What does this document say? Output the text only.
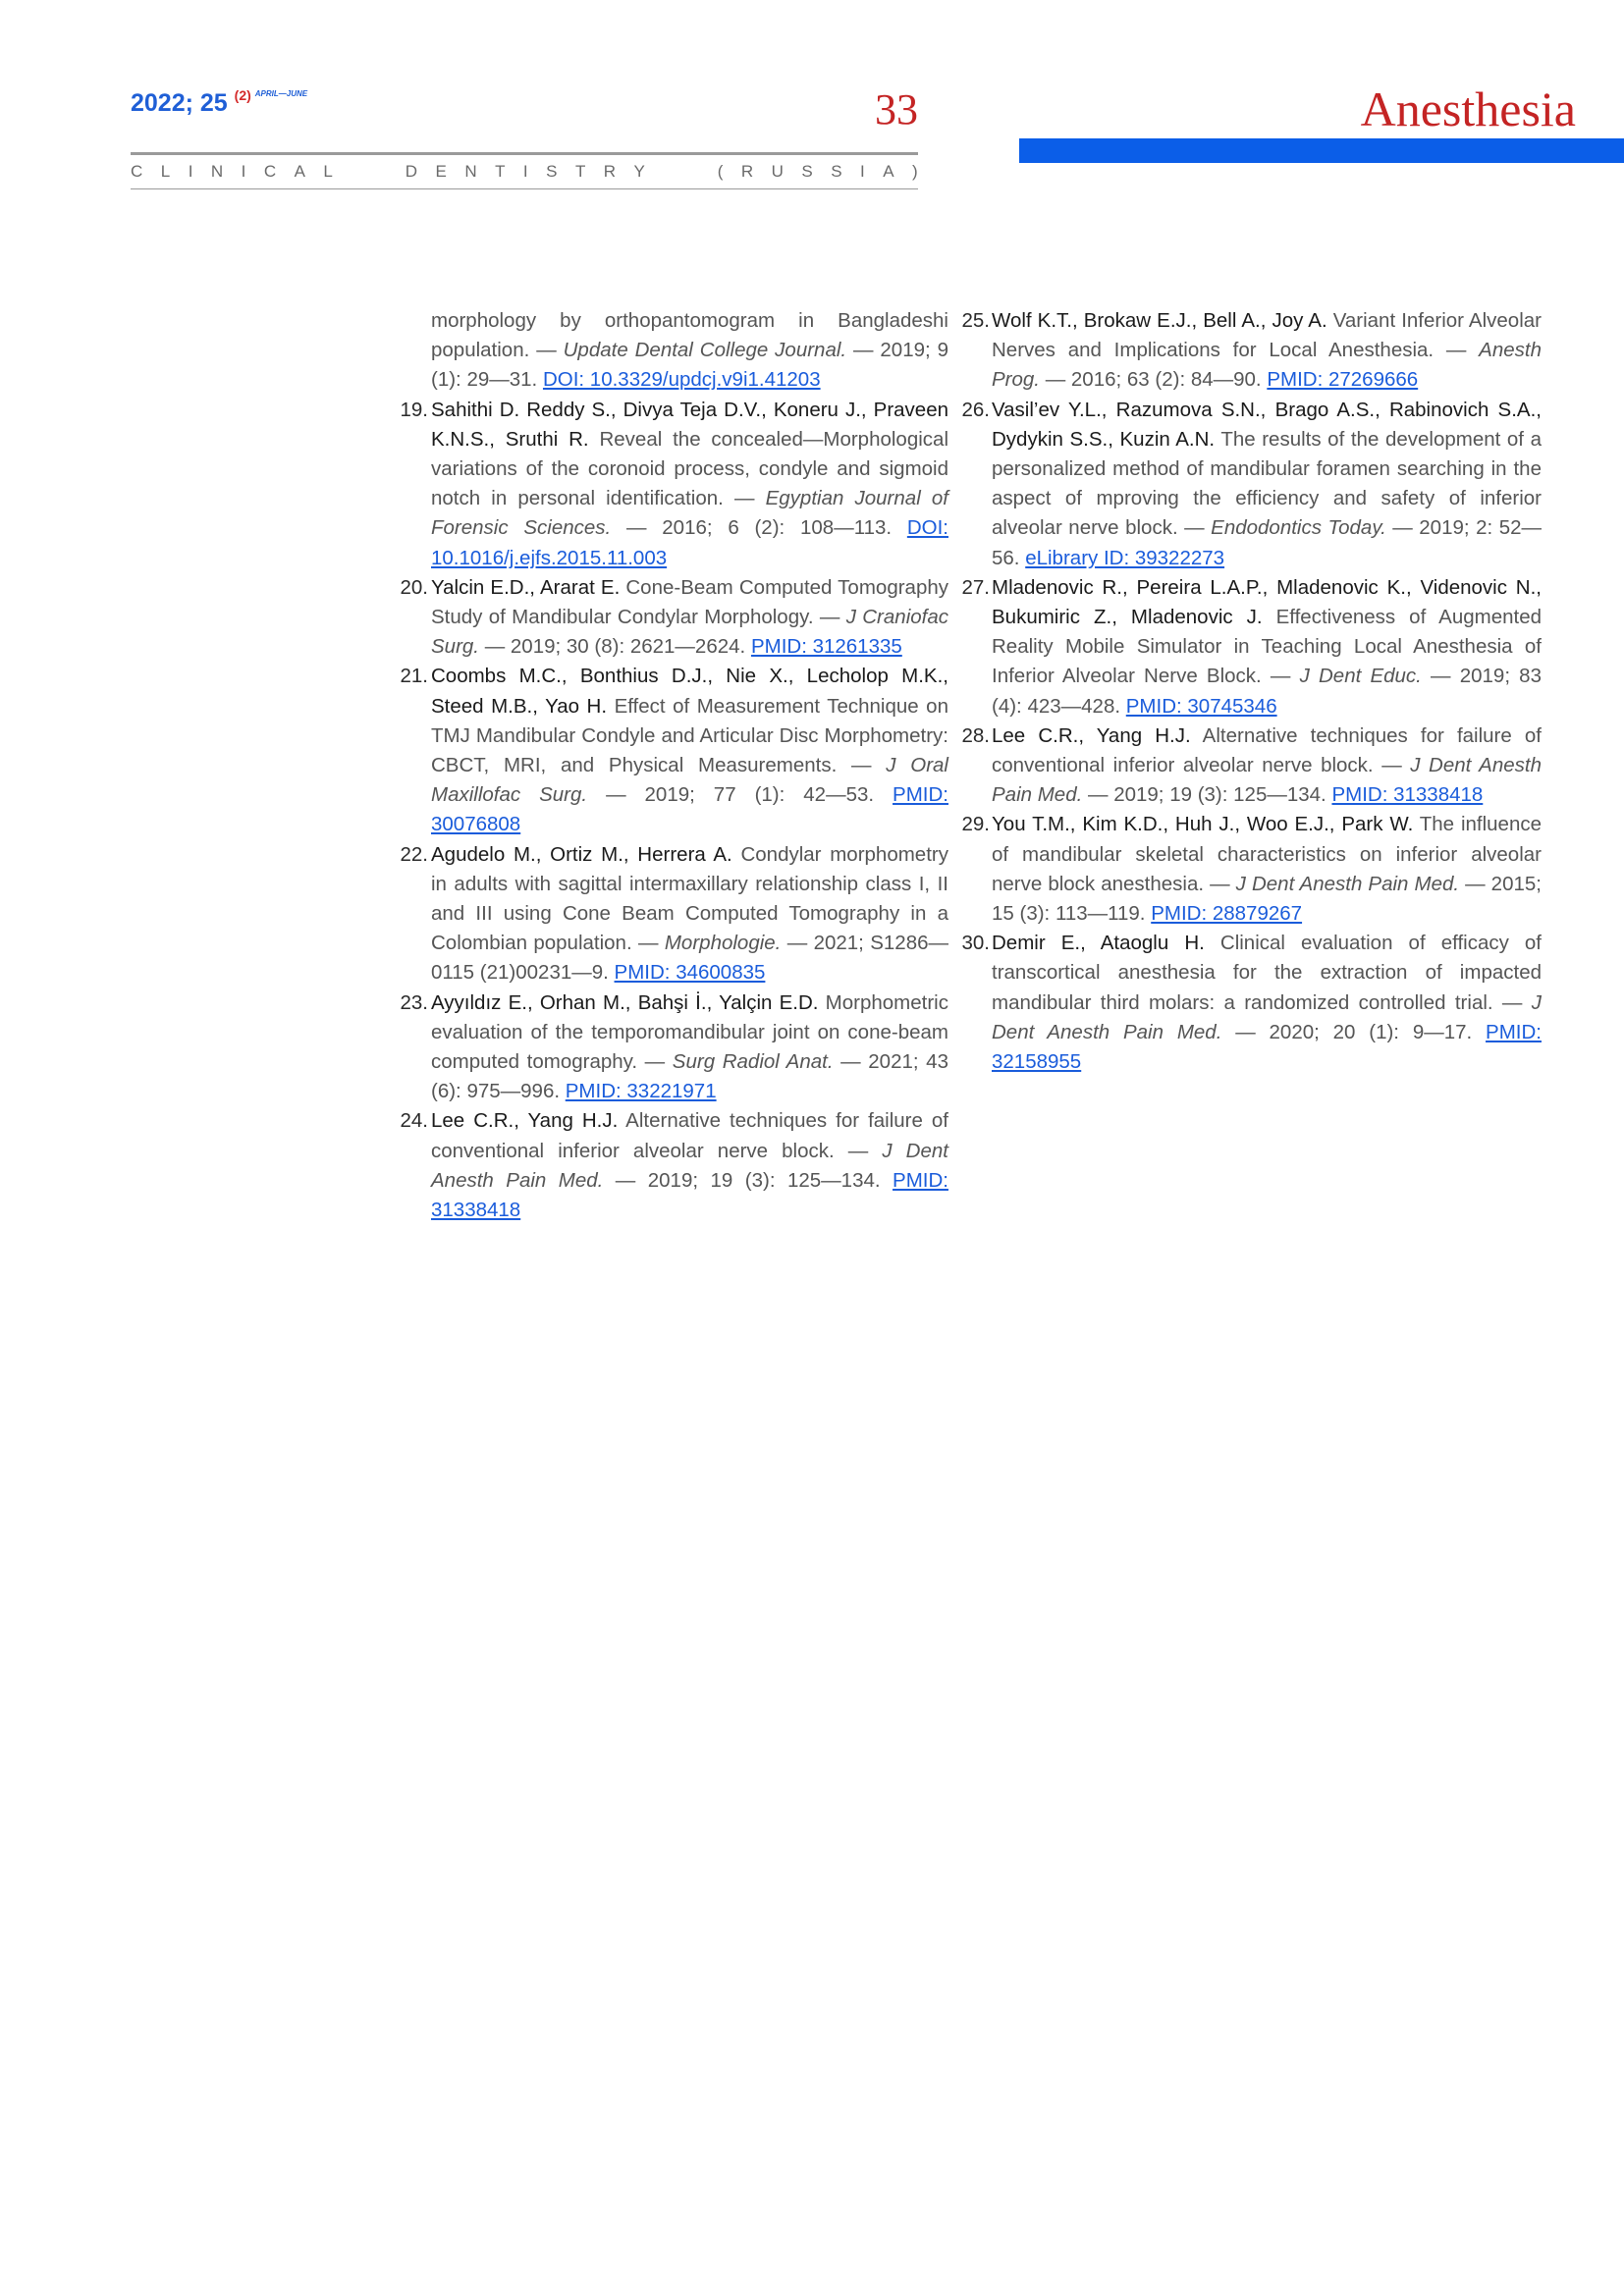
2022; 25 $^{(2)}$ $^{APRIL—JUNE}$	33
C L I N I C A L	D E N T I S T R Y	( R U S S I A )
Anesthesia

morphology by orthopantomogram in Bangladeshi population. — Update Dental College Journal. — 2019; 9 (1): 29—31. DOI: 10.3329/updcj.v9i1.41203

19. Sahithi D. Reddy S., Divya Teja D.V., Koneru J., Praveen K.N.S., Sruthi R. Reveal the concealed—Morphological variations of the coronoid process, condyle and sigmoid notch in personal identification. — Egyptian Journal of Forensic Sciences. — 2016; 6 (2): 108—113. DOI: 10.1016/j.ejfs.2015.11.003

20. Yalcin E.D., Ararat E. Cone-Beam Computed Tomography Study of Mandibular Condylar Morphology. — J Craniofac Surg. — 2019; 30 (8): 2621—2624. PMID: 31261335

21. Coombs M.C., Bonthius D.J., Nie X., Lecholop M.K., Steed M.B., Yao H. Effect of Measurement Technique on TMJ Mandibular Condyle and Articular Disc Morphometry: CBCT, MRI, and Physical Measurements. — J Oral Maxillofac Surg. — 2019; 77 (1): 42—53. PMID: 30076808

22. Agudelo M., Ortiz M., Herrera A. Condylar morphometry in adults with sagittal intermaxillary relationship class I, II and III using Cone Beam Computed Tomography in a Colombian population. — Morphologie. — 2021; S1286—0115 (21)00231—9. PMID: 34600835

23. Ayyıldız E., Orhan M., Bahşi İ., Yalçin E.D. Morphometric evaluation of the temporomandibular joint on cone-beam computed tomography. — Surg Radiol Anat. — 2021; 43 (6): 975—996. PMID: 33221971

24. Lee C.R., Yang H.J. Alternative techniques for failure of conventional inferior alveolar nerve block. — J Dent Anesth Pain Med. — 2019; 19 (3): 125—134. PMID: 31338418

25. Wolf K.T., Brokaw E.J., Bell A., Joy A. Variant Inferior Alveolar Nerves and Implications for Local Anesthesia. — Anesth Prog. — 2016; 63 (2): 84—90. PMID: 27269666

26. Vasil’ev Y.L., Razumova S.N., Brago A.S., Rabinovich S.A., Dydykin S.S., Kuzin A.N. The results of the development of a personalized method of mandibular foramen searching in the aspect of mproving the efficiency and safety of inferior alveolar nerve block. — Endodontics Today. — 2019; 2: 52—56. eLibrary ID: 39322273

27. Mladenovic R., Pereira L.A.P., Mladenovic K., Videnovic N., Bukumiric Z., Mladenovic J. Effectiveness of Augmented Reality Mobile Simulator in Teaching Local Anesthesia of Inferior Alveolar Nerve Block. — J Dent Educ. — 2019; 83 (4): 423—428. PMID: 30745346

28. Lee C.R., Yang H.J. Alternative techniques for failure of conventional inferior alveolar nerve block. — J Dent Anesth Pain Med. — 2019; 19 (3): 125—134. PMID: 31338418

29. You T.M., Kim K.D., Huh J., Woo E.J., Park W. The influence of mandibular skeletal characteristics on inferior alveolar nerve block anesthesia. — J Dent Anesth Pain Med. — 2015; 15 (3): 113—119. PMID: 28879267

30. Demir E., Ataoglu H. Clinical evaluation of efficacy of transcortical anesthesia for the extraction of impacted mandibular third molars: a randomized controlled trial. — J Dent Anesth Pain Med. — 2020; 20 (1): 9—17. PMID: 32158955
